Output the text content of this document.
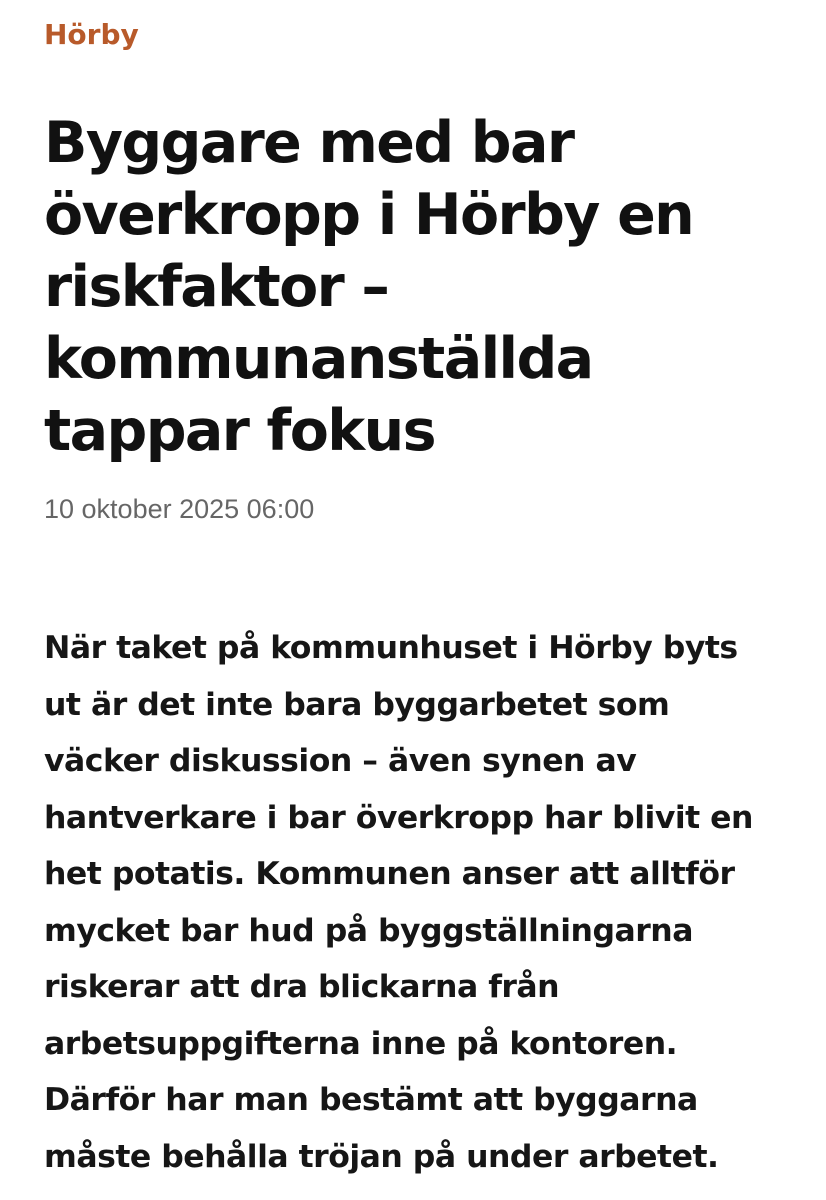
Hörby
Byggare med bar
överkropp i Hörby en
riskfaktor –
kommunanställda
tappar fokus
10 oktober 2025 06:00

När taket på kommunhuset i Hörby byts
ut är det inte bara byggarbetet som
väcker diskussion – även synen av
hantverkare i bar överkropp har blivit en
het potatis. Kommunen anser att alltför
mycket bar hud på byggställningarna
riskerar att dra blickarna från
arbetsuppgifterna inne på kontoren.
Därför har man bestämt att byggarna
måste behålla tröjan på under arbetet.
